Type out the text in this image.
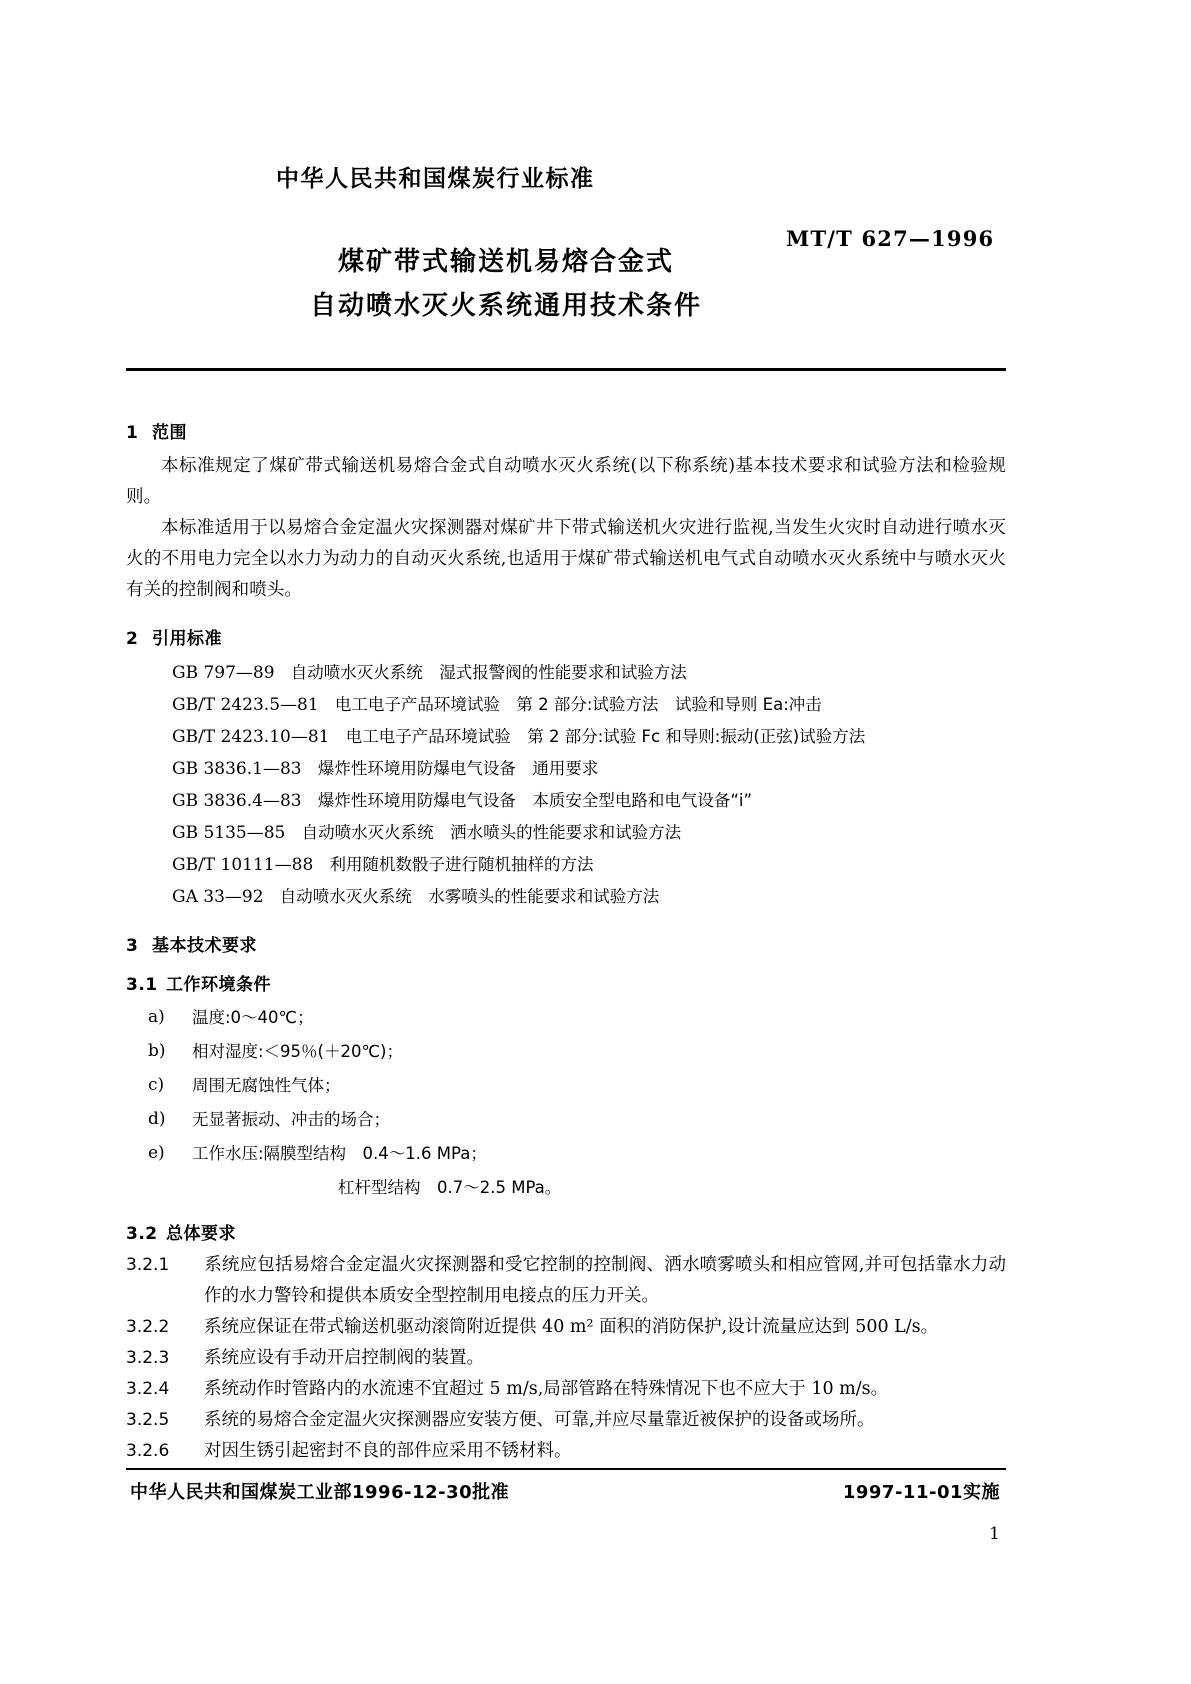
中华人民共和国煤炭行业标准
MT/T 627—1996
煤矿带式输送机易熔合金式
自动喷水灭火系统通用技术条件
1 范围

本标准规定了煤矿带式输送机易熔合金式自动喷水灭火系统(以下称系统)基本技术要求和试验方法和检验规则。

本标准适用于以易熔合金定温火灾探测器对煤矿井下带式输送机火灾进行监视,当发生火灾时自动进行喷水灭火的不用电力完全以水力为动力的自动灭火系统,也适用于煤矿带式输送机电气式自动喷水灭火系统中与喷水灭火有关的控制阀和喷头。

2 引用标准
GB 797—89 自动喷水灭火系统　湿式报警阀的性能要求和试验方法
GB/T 2423.5—81 电工电子产品环境试验　第 2 部分:试验方法　试验和导则 Ea:冲击
GB/T 2423.10—81 电工电子产品环境试验　第 2 部分:试验 Fc 和导则:振动(正弦)试验方法
GB 3836.1—83 爆炸性环境用防爆电气设备　通用要求
GB 3836.4—83 爆炸性环境用防爆电气设备　本质安全型电路和电气设备“i”
GB 5135—85 自动喷水灭火系统　洒水喷头的性能要求和试验方法
GB/T 10111—88 利用随机数骰子进行随机抽样的方法
GA 33—92 自动喷水灭火系统　水雾喷头的性能要求和试验方法
3 基本技术要求
3.1 工作环境条件
a) 温度:0～40℃；
b) 相对湿度:＜95％(＋20℃)；
c) 周围无腐蚀性气体；
d) 无显著振动、冲击的场合；
e) 工作水压:隔膜型结构　0.4～1.6 MPa；
杠杆型结构　0.7～2.5 MPa。
3.2 总体要求

3.2.1 系统应包括易熔合金定温火灾探测器和受它控制的控制阀、洒水喷雾喷头和相应管网,并可包括靠水力动作的水力警铃和提供本质安全型控制用电接点的压力开关。

3.2.2 系统应保证在带式输送机驱动滚筒附近提供 40 m² 面积的消防保护,设计流量应达到 500 L/s。

3.2.3 系统应设有手动开启控制阀的装置。

3.2.4 系统动作时管路内的水流速不宜超过 5 m/s,局部管路在特殊情况下也不应大于 10 m/s。

3.2.5 系统的易熔合金定温火灾探测器应安装方便、可靠,并应尽量靠近被保护的设备或场所。

3.2.6 对因生锈引起密封不良的部件应采用不锈材料。

中华人民共和国煤炭工业部1996-12-30批准	1997-11-01实施
1
